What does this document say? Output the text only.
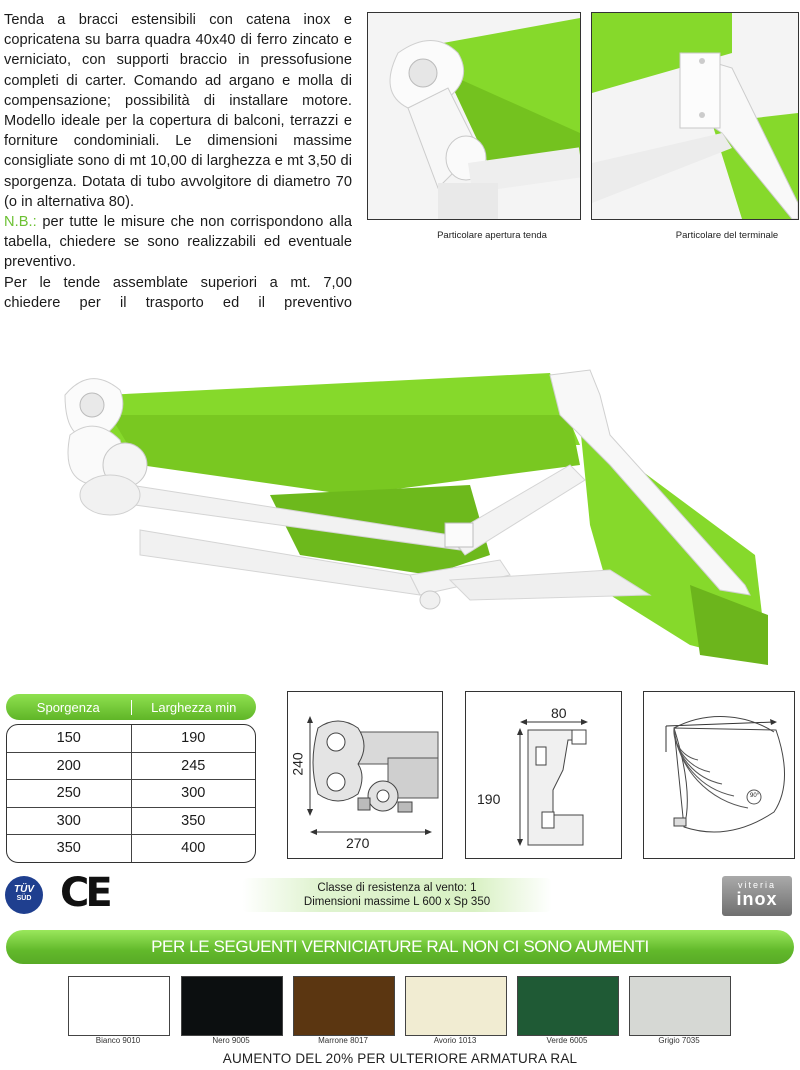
Tenda a bracci estensibili con catena inox e copricatena su barra quadra 40x40 di ferro zincato e verniciato, con supporti braccio in pressofusione completi di carter. Comando ad argano e molla di compensazione; possibilità di installare motore. Modello ideale per la copertura di balconi, terrazzi e forniture condominiali. Le dimensioni massime consigliate sono di mt 10,00 di larghezza e mt 3,50 di sporgenza. Dotata di tubo avvolgitore di diametro 70 (o in alternativa 80).

N.B.: per tutte le misure che non corrispondono alla tabella, chiedere se sono realizzabili ed eventuale preventivo.

Per le tende assemblate superiori a mt. 7,00 chiedere per il trasporto ed il preventivo

Particolare apertura tenda	Particolare del terminale
Sporgenza	Larghezza min
150	190
200	245
250	300
300	350
350	400
240
270
80
190	90°
TÜV
SÜD CE	Classe di resistenza al vento: 1
Dimensioni massime L 600 x Sp 350
viteria
inox
PER LE SEGUENTI VERNICIATURE RAL NON CI SONO AUMENTI
Bianco 9010	Nero 9005	Marrone 8017	Avorio 1013	Verde 6005	Grigio 7035
AUMENTO DEL 20% PER ULTERIORE ARMATURA RAL
